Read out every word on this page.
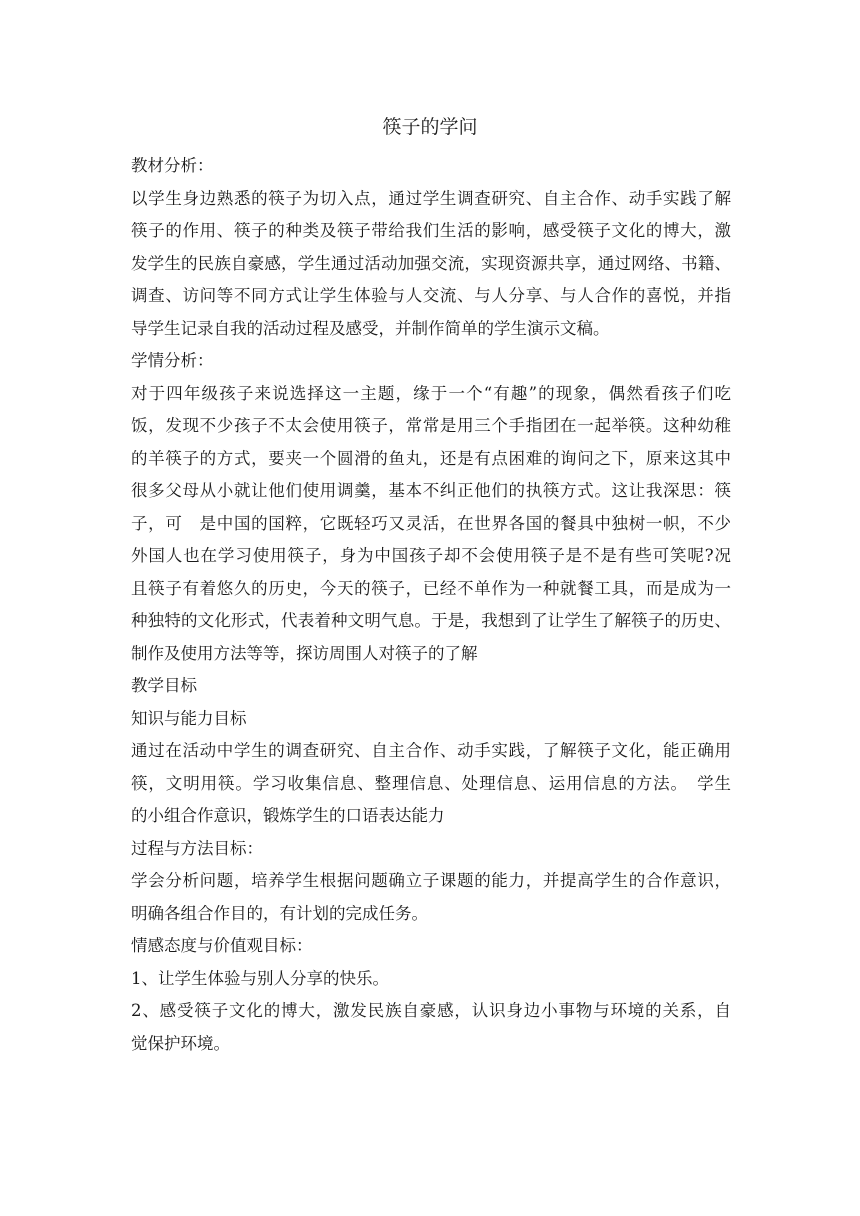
筷子的学问
教材分析：
以学生身边熟悉的筷子为切入点，通过学生调查研究、自主合作、动手实践了解
筷子的作用、筷子的种类及筷子带给我们生活的影响，感受筷子文化的博大，激
发学生的民族自豪感，学生通过活动加强交流，实现资源共享，通过网络、书籍、
调查、访问等不同方式让学生体验与人交流、与人分享、与人合作的喜悦，并指
导学生记录自我的活动过程及感受，并制作简单的学生演示文稿。
学情分析：
对于四年级孩子来说选择这一主题，缘于一个“有趣”的现象，偶然看孩子们吃
饭，发现不少孩子不太会使用筷子，常常是用三个手指团在一起举筷。这种幼稚
的羊筷子的方式，要夹一个圆滑的鱼丸，还是有点困难的询问之下，原来这其中
很多父母从小就让他们使用调羹，基本不纠正他们的执筷方式。这让我深思：筷
子，可　是中国的国粹，它既轻巧又灵活，在世界各国的餐具中独树一帜，不少
外国人也在学习使用筷子，身为中国孩子却不会使用筷子是不是有些可笑呢?况
且筷子有着悠久的历史，今天的筷子，已经不单作为一种就餐工具，而是成为一
种独特的文化形式，代表着种文明气息。于是，我想到了让学生了解筷子的历史、
制作及使用方法等等，探访周围人对筷子的了解
教学目标
知识与能力目标
通过在活动中学生的调查研究、自主合作、动手实践，了解筷子文化，能正确用
筷，文明用筷。学习收集信息、整理信息、处理信息、运用信息的方法。　学生
的小组合作意识，锻炼学生的口语表达能力
过程与方法目标：
学会分析问题，培养学生根据问题确立子课题的能力，并提高学生的合作意识，
明确各组合作目的，有计划的完成任务。
情感态度与价值观目标：
1、让学生体验与别人分享的快乐。
2、感受筷子文化的博大，激发民族自豪感，认识身边小事物与环境的关系，自
觉保护环境。
